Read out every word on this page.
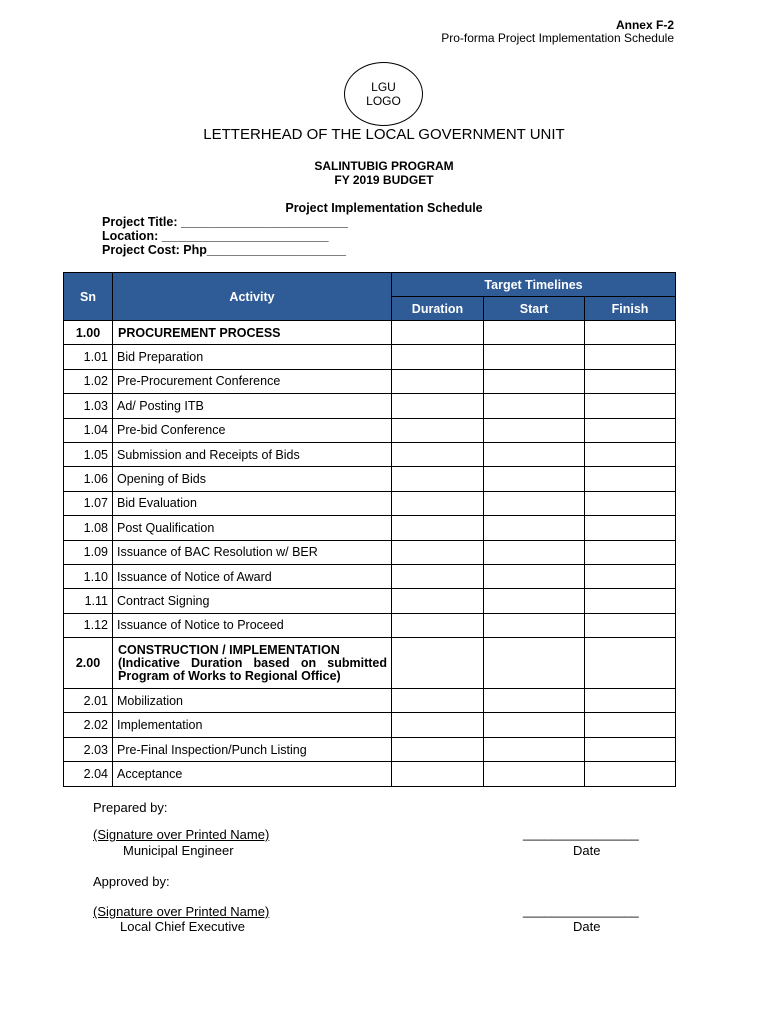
Annex F-2
Pro-forma Project Implementation Schedule
LGU
LOGO
LETTERHEAD OF THE LOCAL GOVERNMENT UNIT
SALINTUBIG PROGRAM
FY 2019 BUDGET
Project Implementation Schedule
Project Title: ________________________
Location: ________________________
Project Cost: Php____________________
Sn	Activity	Target Timelines		
		Duration	Start	Finish
1.00	PROCUREMENT PROCESS			
1.01	Bid Preparation			
1.02	Pre-Procurement Conference			
1.03	Ad/ Posting ITB			
1.04	Pre-bid Conference			
1.05	Submission and Receipts of Bids			
1.06	Opening of Bids			
1.07	Bid Evaluation			
1.08	Post Qualification			
1.09	Issuance of BAC Resolution w/ BER			
1.10	Issuance of Notice of Award			
1.11	Contract Signing			
1.12	Issuance of Notice to Proceed			
2.00	CONSTRUCTION / IMPLEMENTATION
(Indicative Duration based on submitted Program of Works to Regional Office)			

2.01	Mobilization			
2.02	Implementation			
2.03	Pre-Final Inspection/Punch Listing			
2.04	Acceptance			
Prepared by:
(Signature over Printed Name)
Municipal Engineer
________________
Date
Approved by:
(Signature over Printed Name)
Local Chief Executive
________________
Date
